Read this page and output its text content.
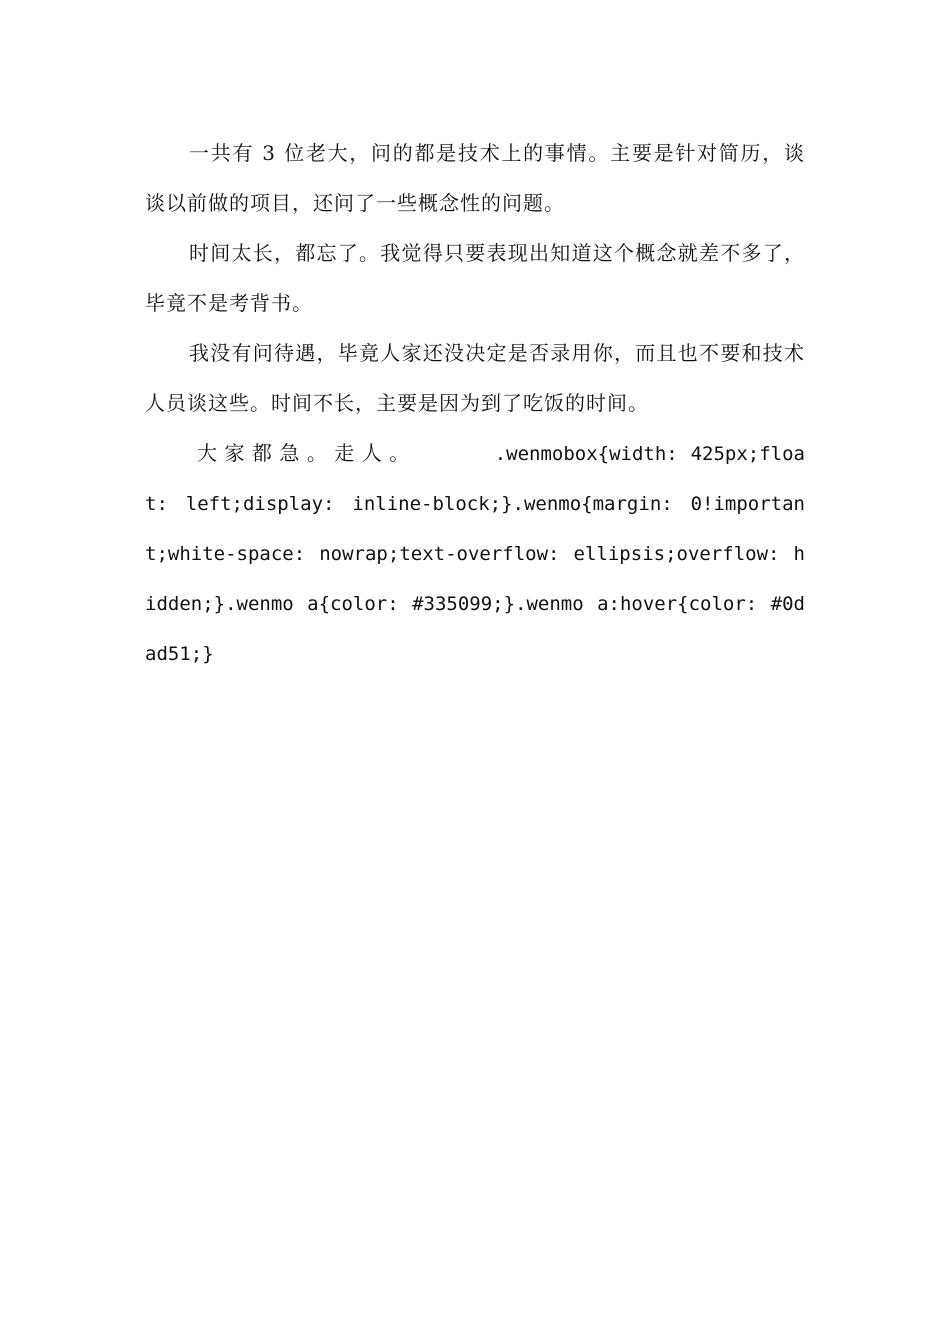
一共有 3 位老大，问的都是技术上的事情。主要是针对简历，谈谈以前做的项目，还问了一些概念性的问题。

时间太长，都忘了。我觉得只要表现出知道这个概念就差不多了，毕竟不是考背书。

我没有问待遇，毕竟人家还没决定是否录用你，而且也不要和技术人员谈这些。时间不长，主要是因为到了吃饭的时间。

大家都急。走人。	.wenmobox{width: 425px;float: left;display: inline-block;}.wenmo{margin: 0!important;white-space: nowrap;text-overflow: ellipsis;overflow: hidden;}.wenmo a{color: #335099;}.wenmo a:hover{color: #0dad51;}
